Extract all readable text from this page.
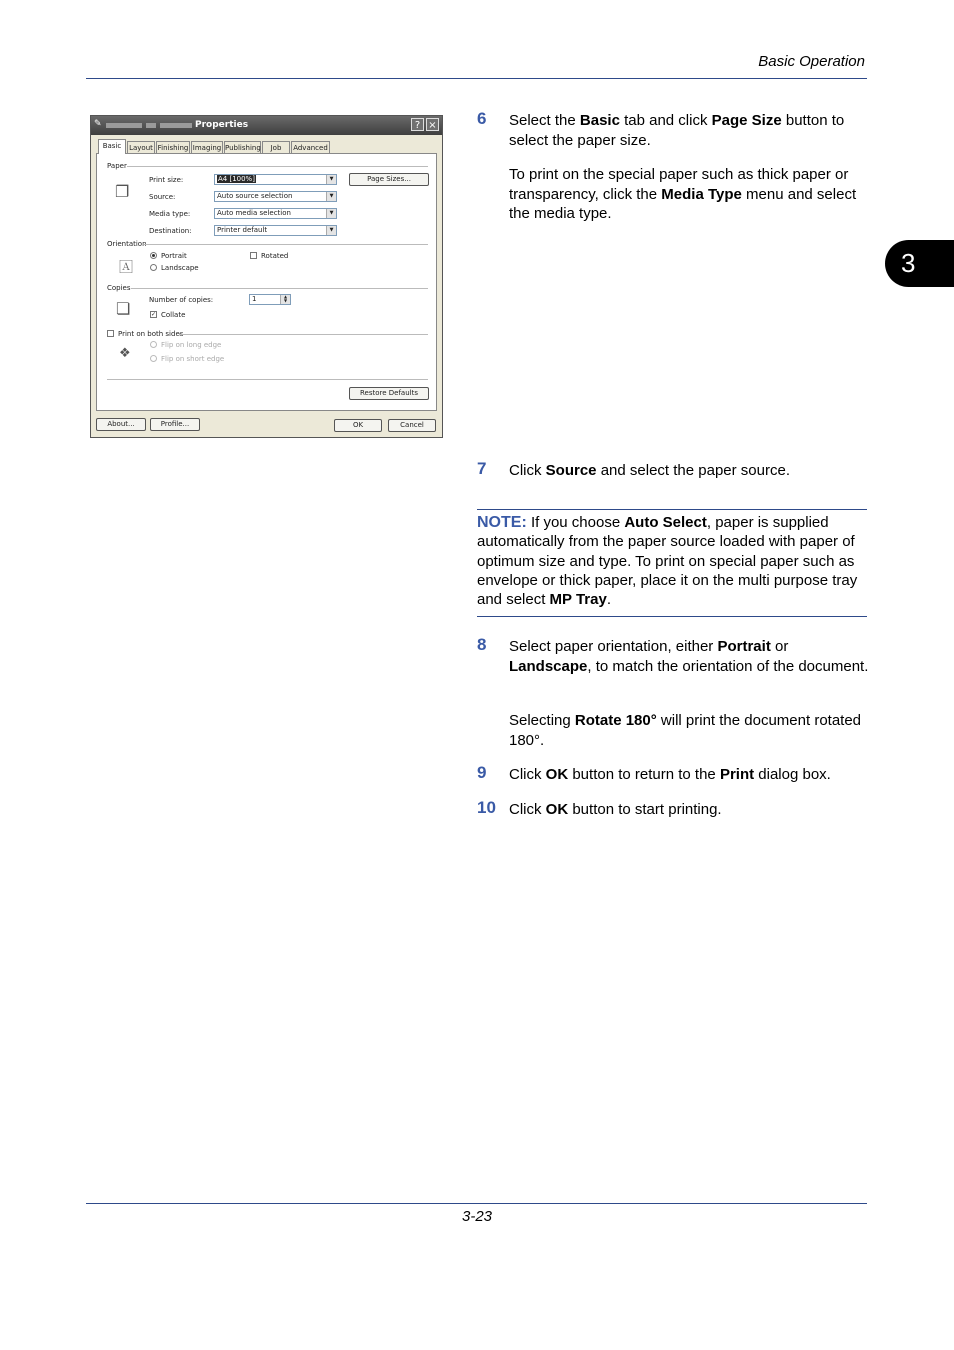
Basic Operation
3
3-23
✎	Properties	? ×
Basic	Layout Finishing Imaging Publishing	Job	Advanced
Paper
❐
Print size:	A4 [100%]	▼	Page Sizes...
Source:	Auto source selection	▼
Media type:	Auto media selection	▼
Destination:	Printer default	▼
Orientation
🄰
Portrait
Landscape
Rotated
Copies
❏	Number of copies:	1	▲
▼
✓ Collate
Print on both sides
❖
Flip on long edge
Flip on short edge
Restore Defaults
About...	Profile...	OK	Cancel
6 Select the Basic tab and click Page Size button to select the paper size.
To print on the special paper such as thick paper or transparency, click the Media Type menu and select the media type.
7 Click Source and select the paper source.
NOTE: If you choose Auto Select, paper is supplied automatically from the paper source loaded with paper of optimum size and type. To print on special paper such as envelope or thick paper, place it on the multi purpose tray and select MP Tray.
8 Select paper orientation, either Portrait or Landscape, to match the orientation of the document.
Selecting Rotate 180° will print the document rotated 180°.
9 Click OK button to return to the Print dialog box.
10 Click OK button to start printing.
